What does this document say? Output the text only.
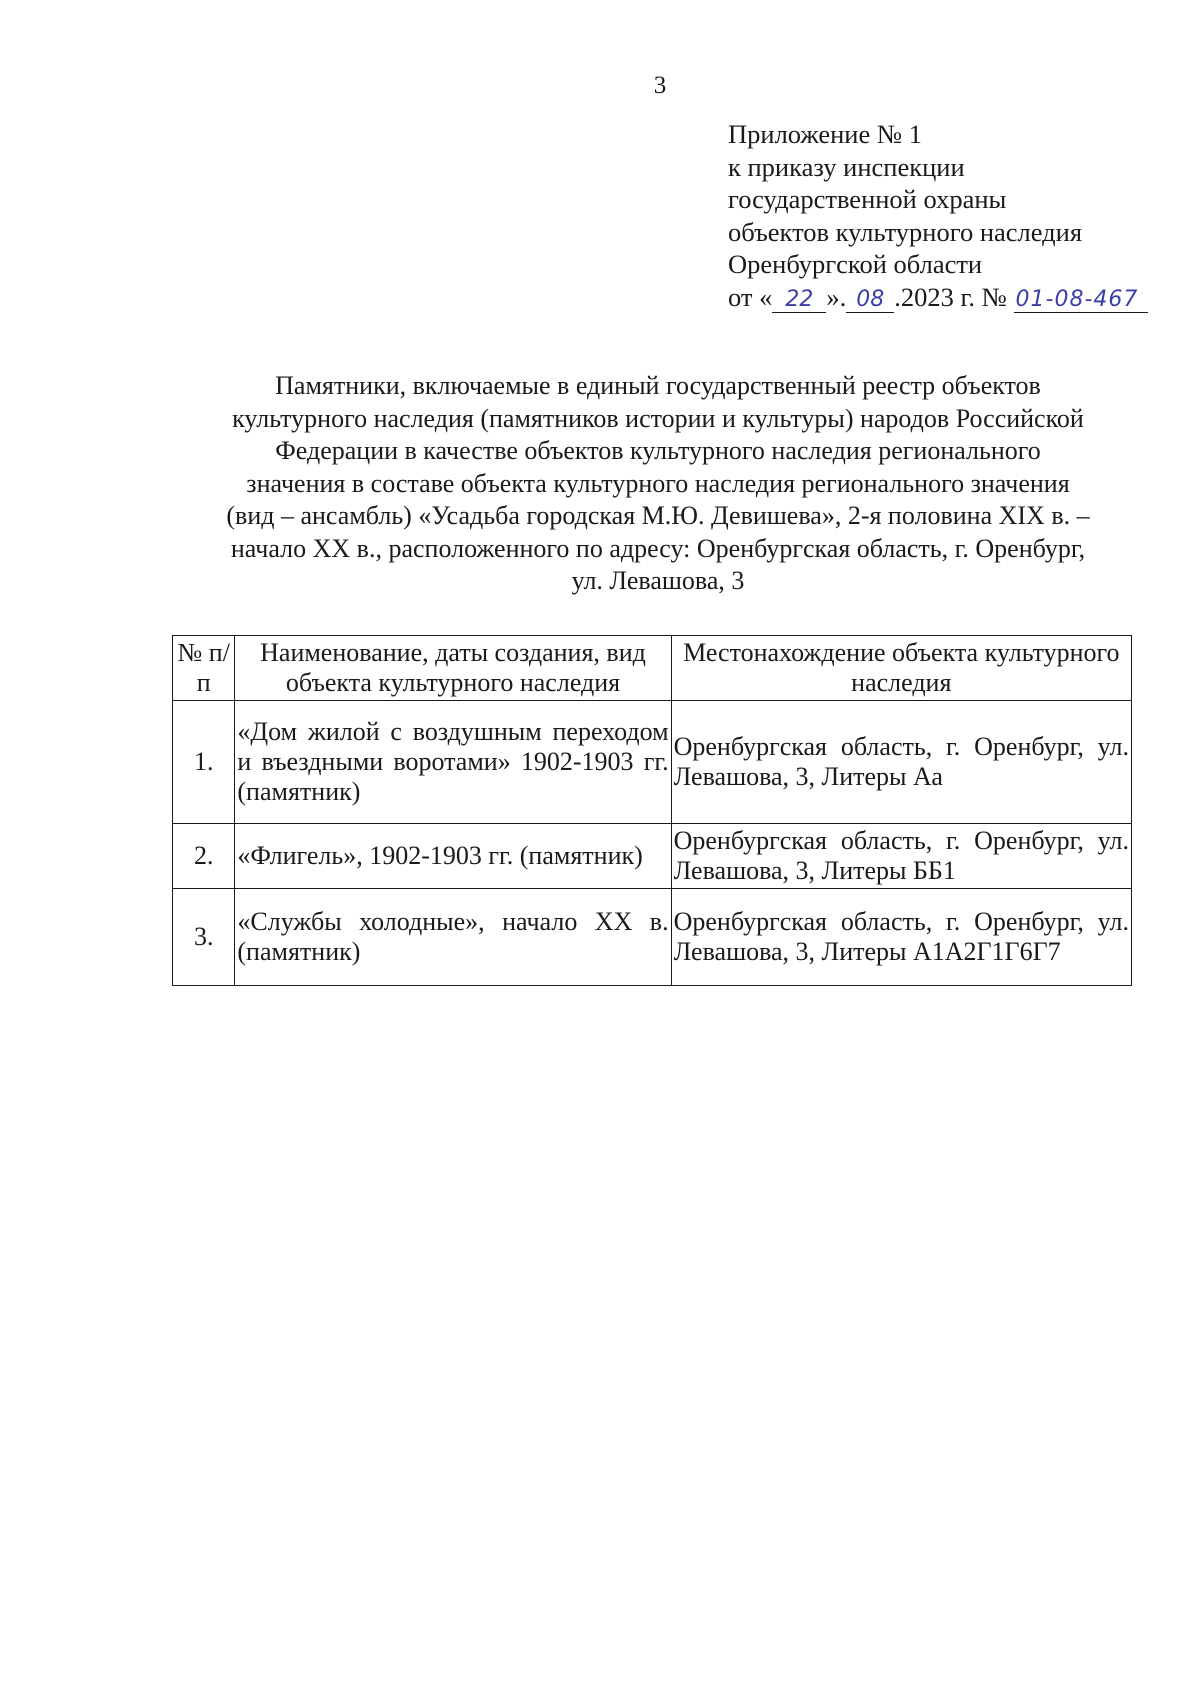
3
Приложение № 1
к приказу инспекции
государственной охраны
объектов культурного наследия
Оренбургской области
от « 22 ». 08 .2023 г. № 01-08-467
Памятники, включаемые в единый государственный реестр объектов
культурного наследия (памятников истории и культуры) народов Российской
Федерации в качестве объектов культурного наследия регионального
значения в составе объекта культурного наследия регионального значения
(вид – ансамбль) «Усадьба городская М.Ю. Девишева», 2-я половина XIX в. –
начало XX в., расположенного по адресу: Оренбургская область, г. Оренбург,
ул. Левашова, 3
№ п/п	Наименование, даты создания, вид объекта культурного наследия	Местонахождение объекта культурного наследия
1.	«Дом жилой с воздушным переходом и въездными воротами» 1902-1903 гг. (памятник)	Оренбургская область, г. Оренбург, ул. Левашова, 3, Литеры Аа
2.	«Флигель», 1902-1903 гг. (памятник)	Оренбургская область, г. Оренбург, ул. Левашова, 3, Литеры ББ1
3.	«Службы холодные», начало XX в. (памятник)	Оренбургская область, г. Оренбург, ул. Левашова, 3, Литеры А1А2Г1Г6Г7
